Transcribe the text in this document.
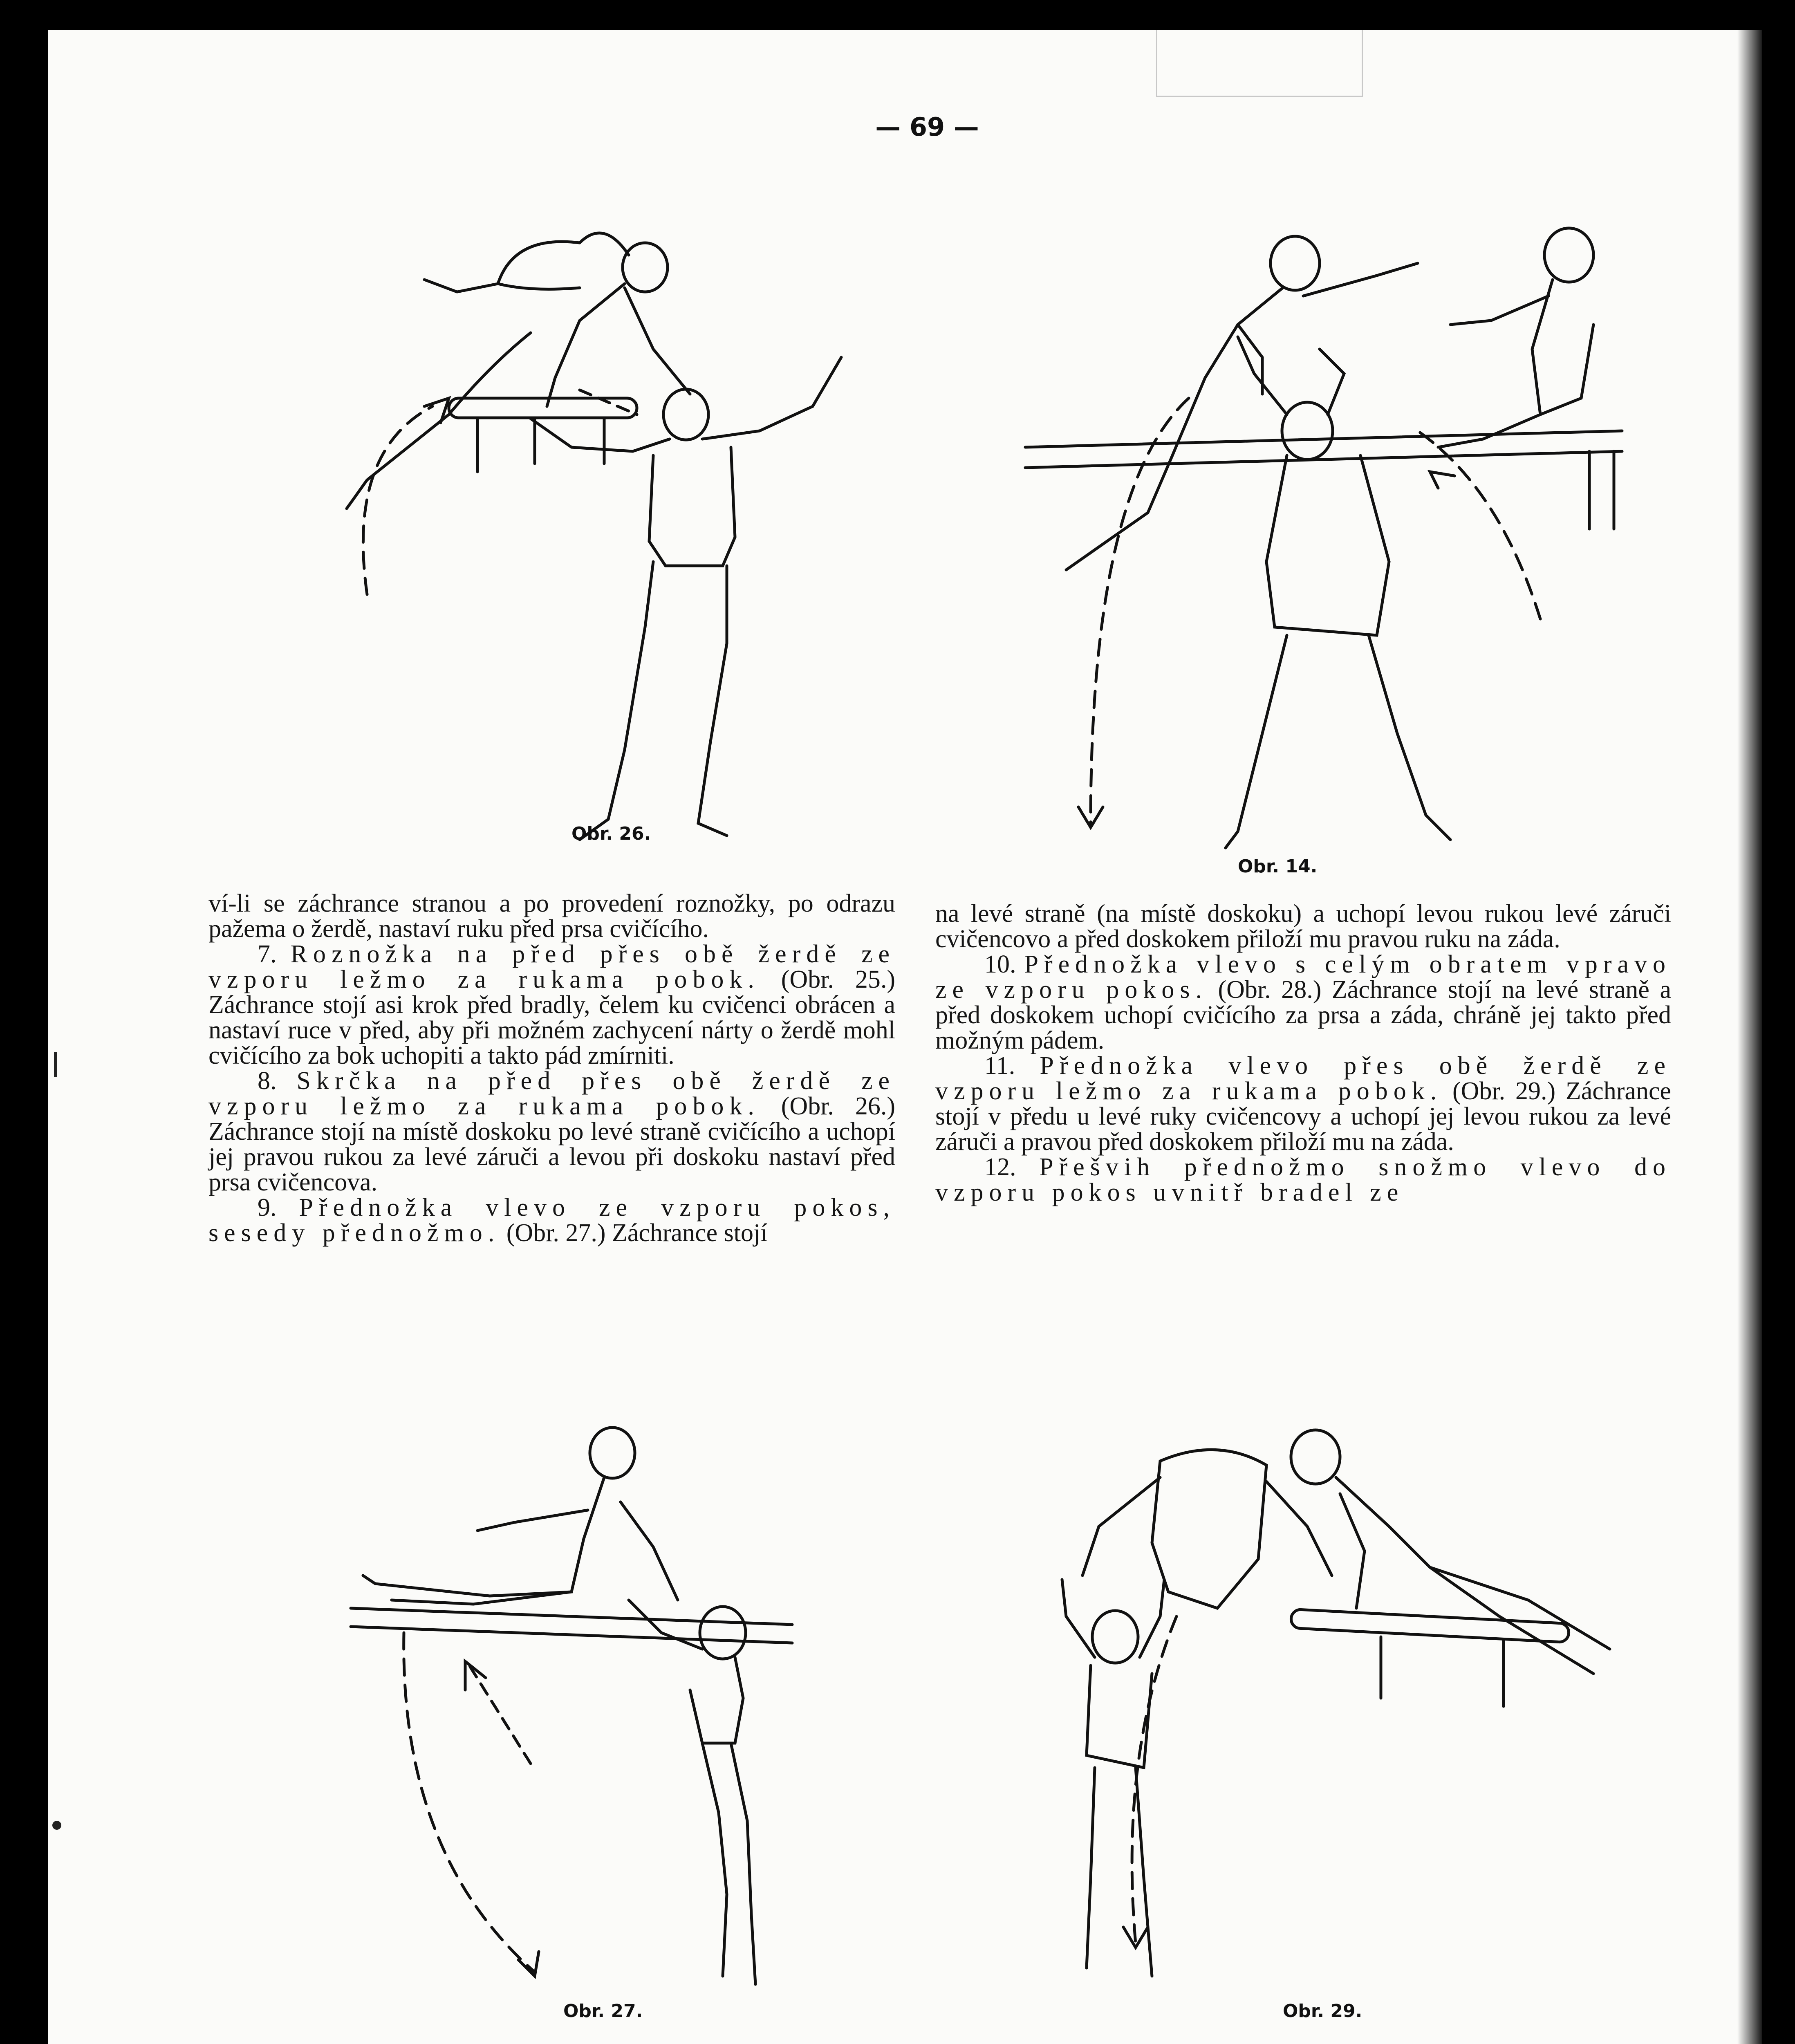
— 69 —
Obr. 26.
Obr. 14.

ví-li se záchrance stranou a po provedení roznožky, po odrazu pažema o žerdě, nastaví ruku před prsa cvičícího.

7. Roznožka na před přes obě žerdě ze vzporu ležmo za rukama pobok. (Obr. 25.) Záchrance stojí asi krok před bradly, čelem ku cvičenci obrácen a nastaví ruce v před, aby při možném zachycení nárty o žerdě mohl cvičícího za bok uchopiti a takto pád zmírniti.

8. Skrčka na před přes obě žerdě ze vzporu ležmo za rukama pobok. (Obr. 26.) Záchrance stojí na místě doskoku po levé straně cvičícího a uchopí jej pravou rukou za levé záruči a levou při doskoku nastaví před prsa cvičencova.

9. Přednožka vlevo ze vzporu pokos, sesedy přednožmo. (Obr. 27.) Záchrance stojí

na levé straně (na místě doskoku) a uchopí levou rukou levé záruči cvičencovo a před doskokem přiloží mu pravou ruku na záda.

10. Přednožka vlevo s celým obratem vpravo ze vzporu pokos. (Obr. 28.) Záchrance stojí na levé straně a před doskokem uchopí cvičícího za prsa a záda, chráně jej takto před možným pádem.

11. Přednožka vlevo přes obě žerdě ze vzporu ležmo za rukama pobok. (Obr. 29.) Záchrance stojí v předu u levé ruky cvičencovy a uchopí jej levou rukou za levé záruči a pravou před doskokem přiloží mu na záda.

12. Přešvih přednožmo snožmo vlevo do vzporu pokos uvnitř bradel ze

Obr. 27.	Obr. 29.
